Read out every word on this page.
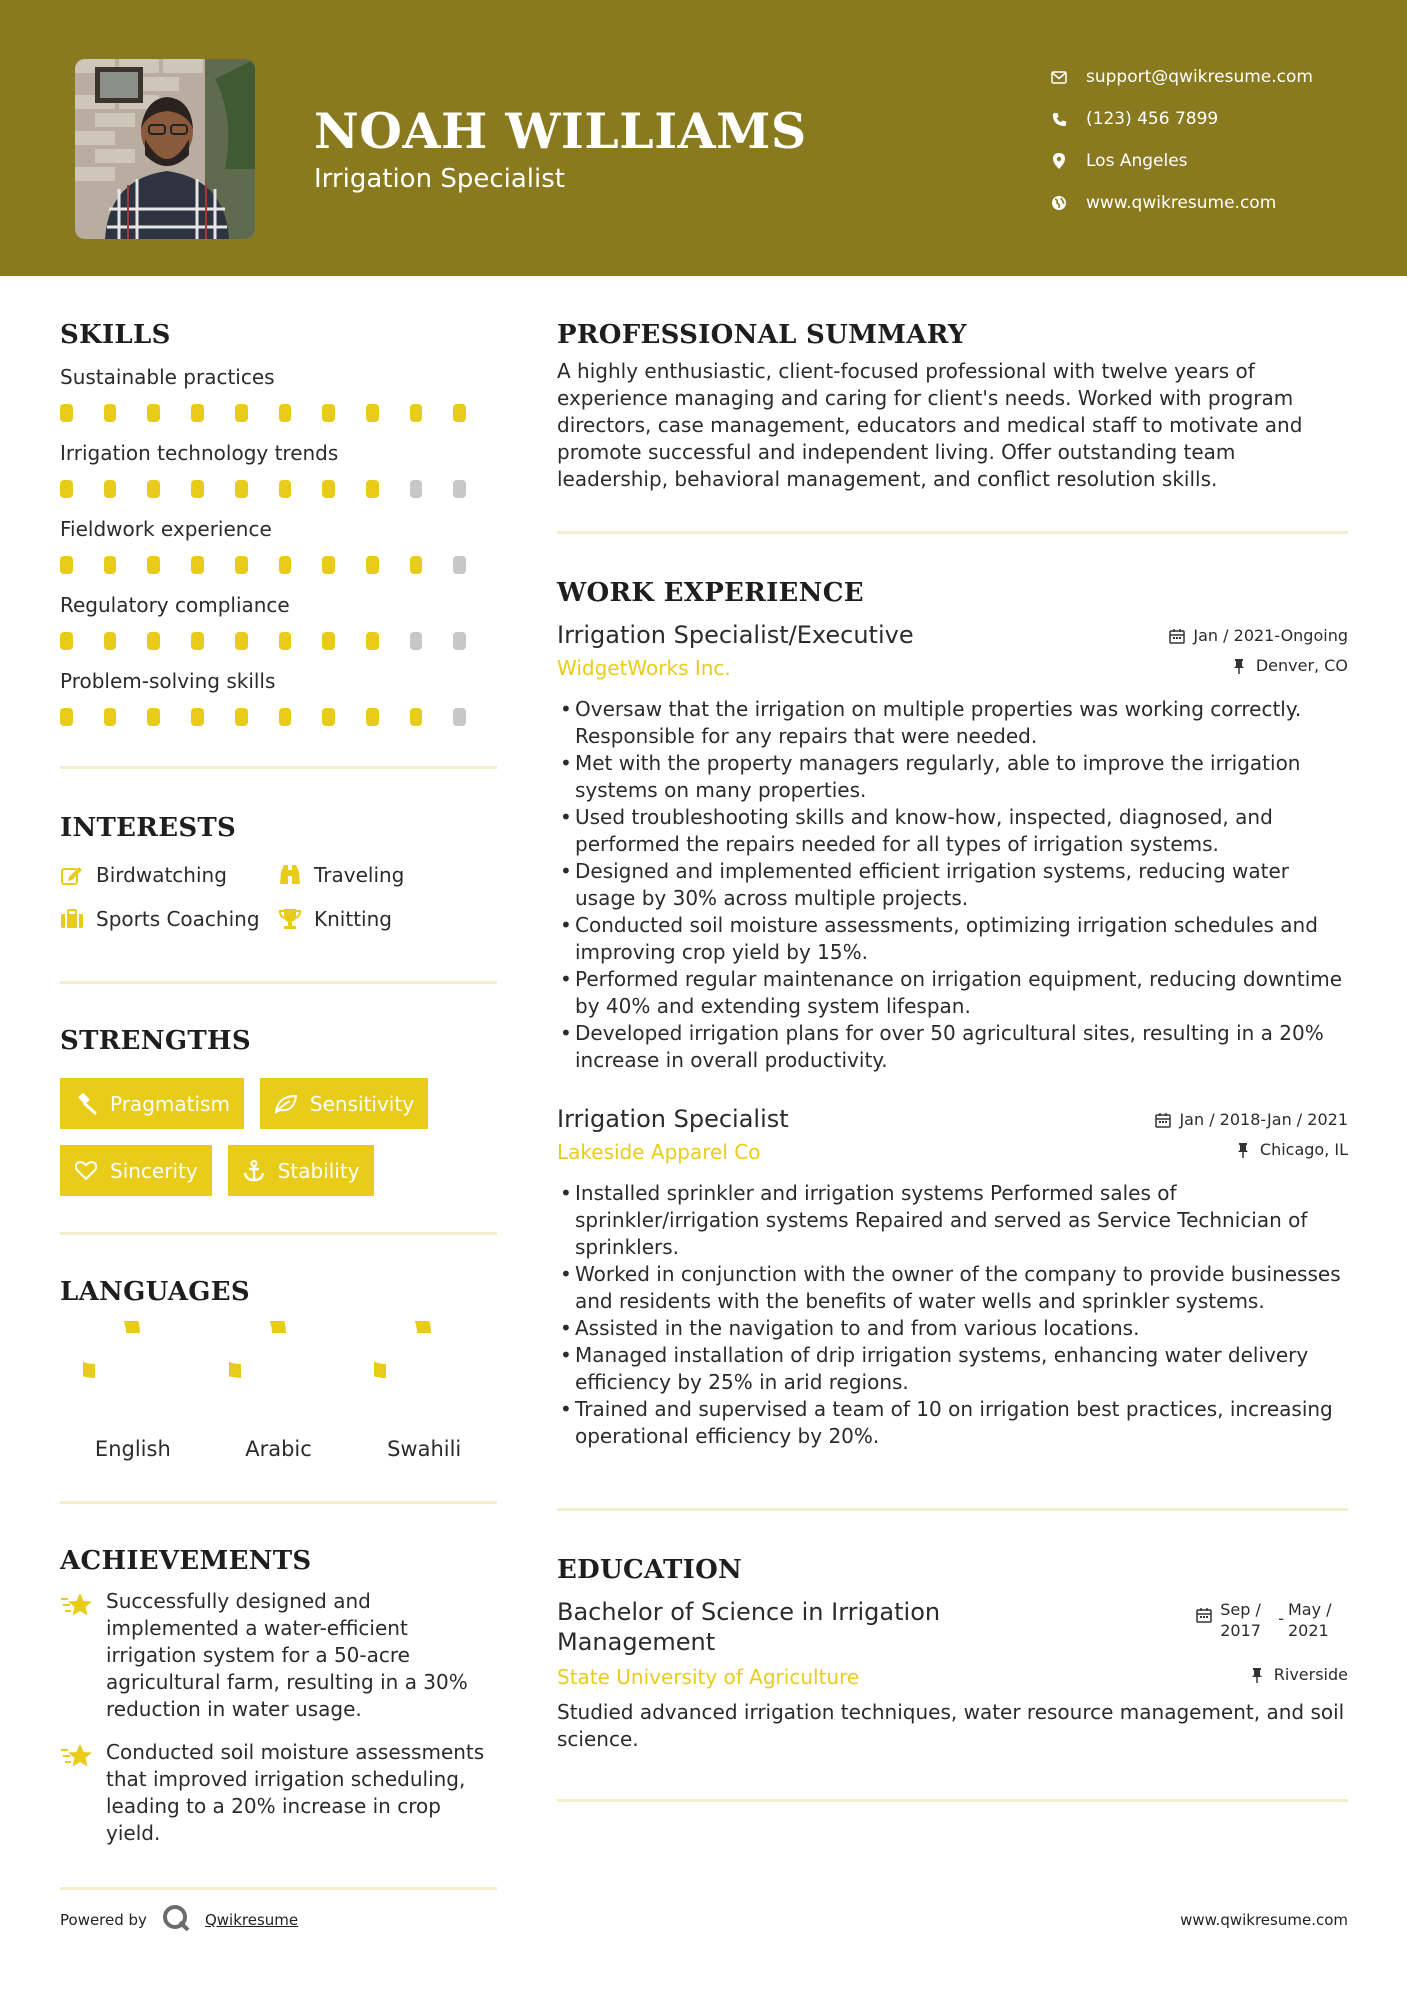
NOAH WILLIAMS
Irrigation Specialist
support@qwikresume.com
(123) 456 7899
Los Angeles
www.qwikresume.com
SKILLS
Sustainable practices
Irrigation technology trends
Fieldwork experience
Regulatory compliance
Problem-solving skills
INTERESTS
Birdwatching	Traveling
Sports Coaching	Knitting
STRENGTHS
Pragmatism	Sensitivity
Sincerity	Stability
LANGUAGES
English	Arabic	Swahili
ACHIEVEMENTS
Successfully designed and implemented a water-efficient irrigation system for a 50-acre agricultural farm, resulting in a 30% reduction in water usage.
Conducted soil moisture assessments that improved irrigation scheduling, leading to a 20% increase in crop yield.
PROFESSIONAL SUMMARY
A highly enthusiastic, client-focused professional with twelve years of experience managing and caring for client's needs. Worked with program directors, case management, educators and medical staff to motivate and promote successful and independent living. Offer outstanding team leadership, behavioral management, and conflict resolution skills.
WORK EXPERIENCE
Irrigation Specialist/Executive	Jan / 2021-Ongoing
WidgetWorks Inc.	Denver, CO
• Oversaw that the irrigation on multiple properties was working correctly. Responsible for any repairs that were needed.
• Met with the property managers regularly, able to improve the irrigation systems on many properties.
• Used troubleshooting skills and know-how, inspected, diagnosed, and performed the repairs needed for all types of irrigation systems.
• Designed and implemented efficient irrigation systems, reducing water usage by 30% across multiple projects.
• Conducted soil moisture assessments, optimizing irrigation schedules and improving crop yield by 15%.
• Performed regular maintenance on irrigation equipment, reducing downtime by 40% and extending system lifespan.
• Developed irrigation plans for over 50 agricultural sites, resulting in a 20% increase in overall productivity.
Irrigation Specialist	Jan / 2018-Jan / 2021
Lakeside Apparel Co	Chicago, IL
• Installed sprinkler and irrigation systems Performed sales of sprinkler/irrigation systems Repaired and served as Service Technician of sprinklers.
• Worked in conjunction with the owner of the company to provide businesses and residents with the benefits of water wells and sprinkler systems.
• Assisted in the navigation to and from various locations.
• Managed installation of drip irrigation systems, enhancing water delivery efficiency by 25% in arid regions.
• Trained and supervised a team of 10 on irrigation best practices, increasing operational efficiency by 20%.
EDUCATION
Bachelor of Science in Irrigation Management
Sep / 2017
- May / 2021
State University of Agriculture	Riverside
Studied advanced irrigation techniques, water resource management, and soil science.
Powered by	Qwikresume	www.qwikresume.com
